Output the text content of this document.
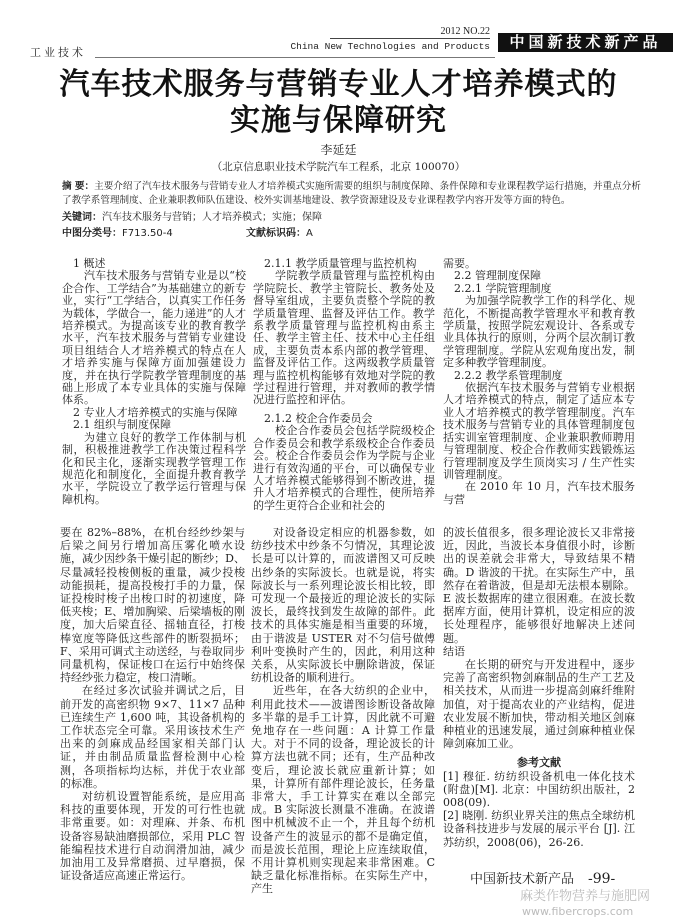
2012 NO.22
China New Technologies and Products	中国新技术新产品
工业技术
汽车技术服务与营销专业人才培养模式的
实施与保障研究
李延廷
（北京信息职业技术学院汽车工程系，北京 100070）
摘 要：主要介绍了汽车技术服务与营销专业人才培养模式实施所需要的组织与制度保障、条件保障和专业课程教学运行措施，并重点分析了教学系管理制度、企业兼职教师队伍建设、校外实训基地建设、教学资源建设及专业课程教学内容开发等方面的特色。
关键词：汽车技术服务与营销；人才培养模式；实施；保障
中图分类号：F713.50-4	文献标识码：A

1 概述

汽车技术服务与营销专业是以“校企合作、工学结合”为基础建立的新专业，实行“工学结合，以真实工作任务为载体，学做合一，能力递进”的人才培养模式。为提高该专业的教育教学水平，汽车技术服务与营销专业建设项目组结合人才培养模式的特点在人才培养实施与保障方面加强建设力度，并在执行学院教学管理制度的基础上形成了本专业具体的实施与保障体系。

2 专业人才培养模式的实施与保障

2.1 组织与制度保障

为建立良好的教学工作体制与机制，积极推进教学工作决策过程科学化和民主化，逐渐实现教学管理工作规范化和制度化，全面提升教育教学水平，学院设立了教学运行管理与保障机构。

2.1.1 教学质量管理与监控机构

学院教学质量管理与监控机构由学院院长、教学主管院长、教务处及督导室组成，主要负责整个学院的教学质量管理、监督及评估工作。教学系教学质量管理与监控机构由系主任、教学主管主任、技术中心主任组成，主要负责本系内部的教学管理、监督及评估工作。这两级教学质量管理与监控机构能够有效地对学院的教学过程进行管理，并对教师的教学情况进行监控和评估。

2.1.2 校企合作委员会

校企合作委员会包括学院级校企合作委员会和教学系级校企合作委员会。校企合作委员会作为学院与企业进行有效沟通的平台，可以确保专业人才培养模式能够得到不断改进，提升人才培养模式的合理性，使所培养的学生更符合企业和社会的

需要。

2.2 管理制度保障

2.2.1 学院管理制度

为加强学院教学工作的科学化、规范化，不断提高教学管理水平和教育教学质量，按照学院宏观设计、各系或专业具体执行的原则，分两个层次制订教学管理制度。学院从宏观角度出发，制定多种教学管理制度。

2.2.2 教学系管理制度

依据汽车技术服务与营销专业根据人才培养模式的特点，制定了适应本专业人才培养模式的教学管理制度。汽车技术服务与营销专业的具体管理制度包括实训室管理制度、企业兼职教师聘用与管理制度、校企合作教师实践锻炼运行管理制度及学生顶岗实习 / 生产性实训管理制度。

在 2010 年 10 月，汽车技术服务与营

要在 82%–88%，在机台经纱纱架与后梁之间另行增加高压雾化喷水设施，减少因纱条干燥引起的断纱；D、尽量减轻投梭侧板的重量，减少投梭动能损耗，提高投梭打手的力量，保证投梭时梭子出梭口时的初速度，降低夹梭；E、增加胸梁、后梁墙板的刚度，加大后梁直径、摇轴直径，打梭棒宽度等降低这些部件的断裂损坏；F、采用可调式主动送经，与卷取同步同量机构，保证梭口在运行中始终保持经纱张力稳定，梭口清晰。

在经过多次试验并调试之后，目前开发的高密织物 9×7、11×7 品种已连续生产 1,600 吨，其设备机构的工作状态完全可靠。采用该技术生产出来的剑麻成品经国家相关部门认证，并由制品质量监督检测中心检测，各项指标均达标，并优于农业部的标准。

对纺机设置智能系统，是应用高科技的重要体现，开发的可行性也就非常重要。如：对理麻、并条、布机设备容易缺油磨损部位，采用 PLC 智能编程技术进行自动润滑加油，减少加油用工及异常磨损、过早磨损，保证设备适应高速正常运行。

对设备设定相应的机器参数，如纺纱技术中纱条不匀情况，其理论波长是可以计算的，而波谱图又可反映出纱条的实际波长。也就是说，将实际波长与一系列理论波长相比较，即可发现一个最接近的理论波长的实际波长，最终找到发生故障的部件。此技术的具体实施是相当重要的环境，由于谐波是 USTER 对不匀信号做傅利叶变换时产生的，因此，利用这种关系，从实际波长中删除谐波，保证纺机设备的顺利进行。

近些年，在各大纺织的企业中，利用此技术——波谱图诊断设备故障多半靠的是手工计算，因此就不可避免地存在一些问题：A 计算工作量大。对于不同的设备，理论波长的计算方法也就不同；还有，生产品种改变后，理论波长就应重新计算；如果，计算所有部件理论波长，任务量非常大，手工计算实在难以全部完成。B 实际波长测量不准确。在波谱图中机械波不止一个，并且每个纺机设备产生的波显示的都不是确定值，而是波长范围，理论上应连续取值，不用计算机则实现起来非常困难。C 缺乏量化标准指标。在实际生产中，产生

的波长值很多，很多理论波长又非常接近，因此，当波长本身值很小时，诊断出的误差就会非常大，导致结果不精确。D 谐波的干扰。在实际生产中，虽然存在着谐波，但是却无法根本剔除。E 波长数据库的建立很困难。在波长数据库方面，使用计算机，设定相应的波长处理程序，能够很好地解决上述问题。

结语

在长期的研究与开发进程中，逐步完善了高密织物剑麻制品的生产工艺及相关技术，从而进一步提高剑麻纤维附加值，对于提高农业的产业结构，促进农业发展不断加快，带动相关地区剑麻种植业的迅速发展，通过剑麻种植业保障剑麻加工业。

参考文献

[1] 穆征. 纺纺织设备机电一体化技术(附盘)[M]. 北京：中国纺织出版社，2008(09).

[2] 晓刚. 纺织业界关注的焦点全球纺机设备科技进步与发展的展示平台 [J]. 江苏纺织，2008(06)，26-26.

中国新技术新产品 -99-
麻类作物营养与施肥网
www.fibercrops.com
